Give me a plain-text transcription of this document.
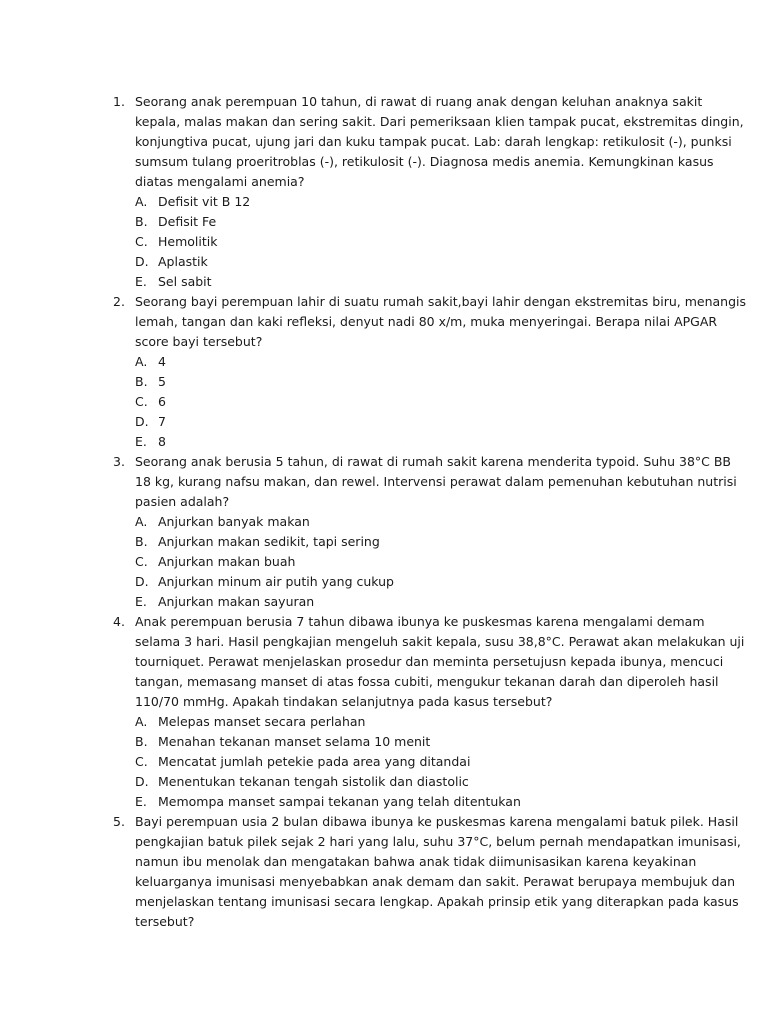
1. Seorang anak perempuan 10 tahun, di rawat di ruang anak dengan keluhan anaknya sakit
kepala, malas makan dan sering sakit. Dari pemeriksaan klien tampak pucat, ekstremitas dingin,
konjungtiva pucat, ujung jari dan kuku tampak pucat. Lab: darah lengkap: retikulosit (-), punksi
sumsum tulang proeritroblas (-), retikulosit (-). Diagnosa medis anemia. Kemungkinan kasus
diatas mengalami anemia?
A. Defisit vit B 12
B. Defisit Fe
C. Hemolitik
D. Aplastik
E. Sel sabit
2. Seorang bayi perempuan lahir di suatu rumah sakit,bayi lahir dengan ekstremitas biru, menangis
lemah, tangan dan kaki refleksi, denyut nadi 80 x/m, muka menyeringai. Berapa nilai APGAR
score bayi tersebut?
A. 4
B. 5
C. 6
D. 7
E. 8
3. Seorang anak berusia 5 tahun, di rawat di rumah sakit karena menderita typoid. Suhu 38°C BB
18 kg, kurang nafsu makan, dan rewel. Intervensi perawat dalam pemenuhan kebutuhan nutrisi
pasien adalah?
A. Anjurkan banyak makan
B. Anjurkan makan sedikit, tapi sering
C. Anjurkan makan buah
D. Anjurkan minum air putih yang cukup
E. Anjurkan makan sayuran
4. Anak perempuan berusia 7 tahun dibawa ibunya ke puskesmas karena mengalami demam
selama 3 hari. Hasil pengkajian mengeluh sakit kepala, susu 38,8°C. Perawat akan melakukan uji
tourniquet. Perawat menjelaskan prosedur dan meminta persetujusn kepada ibunya, mencuci
tangan, memasang manset di atas fossa cubiti, mengukur tekanan darah dan diperoleh hasil
110/70 mmHg. Apakah tindakan selanjutnya pada kasus tersebut?
A. Melepas manset secara perlahan
B. Menahan tekanan manset selama 10 menit
C. Mencatat jumlah petekie pada area yang ditandai
D. Menentukan tekanan tengah sistolik dan diastolic
E. Memompa manset sampai tekanan yang telah ditentukan
5. Bayi perempuan usia 2 bulan dibawa ibunya ke puskesmas karena mengalami batuk pilek. Hasil
pengkajian batuk pilek sejak 2 hari yang lalu, suhu 37°C, belum pernah mendapatkan imunisasi,
namun ibu menolak dan mengatakan bahwa anak tidak diimunisasikan karena keyakinan
keluarganya imunisasi menyebabkan anak demam dan sakit. Perawat berupaya membujuk dan
menjelaskan tentang imunisasi secara lengkap. Apakah prinsip etik yang diterapkan pada kasus
tersebut?
